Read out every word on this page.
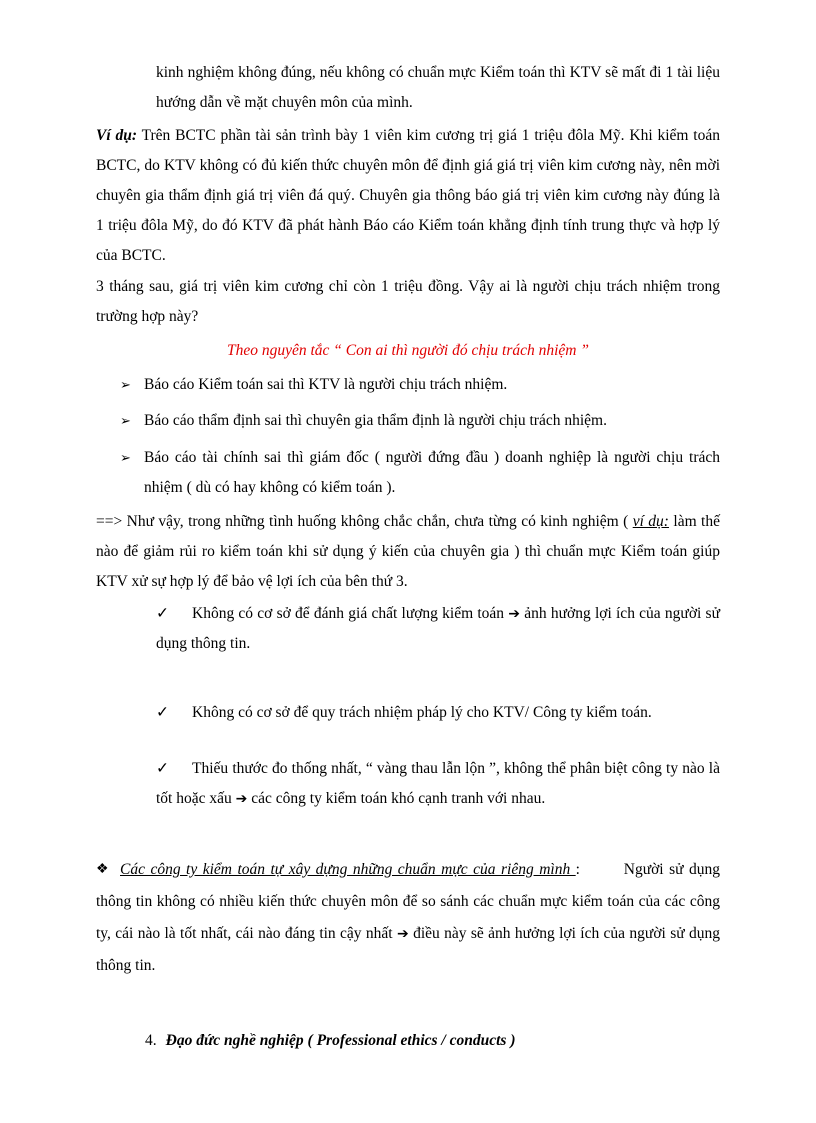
kinh nghiệm không đúng, nếu không có chuẩn mực Kiểm toán thì KTV sẽ mất đi 1 tài liệu hướng dẫn về mặt chuyên môn của mình.

Ví dụ: Trên BCTC phần tài sản trình bày 1 viên kim cương trị giá 1 triệu đôla Mỹ. Khi kiểm toán BCTC, do KTV không có đủ kiến thức chuyên môn để định giá giá trị viên kim cương này, nên mời chuyên gia thẩm định giá trị viên đá quý. Chuyên gia thông báo giá trị viên kim cương này đúng là 1 triệu đôla Mỹ, do đó KTV đã phát hành Báo cáo Kiểm toán khẳng định tính trung thực và hợp lý của BCTC.

3 tháng sau, giá trị viên kim cương chỉ còn 1 triệu đồng. Vậy ai là người chịu trách nhiệm trong trường hợp này?

Theo nguyên tắc “ Con ai thì người đó chịu trách nhiệm ”

➢ Báo cáo Kiểm toán sai thì KTV là người chịu trách nhiệm.
➢ Báo cáo thẩm định sai thì chuyên gia thẩm định là người chịu trách nhiệm.
➢ Báo cáo tài chính sai thì giám đốc ( người đứng đầu ) doanh nghiệp là người chịu trách nhiệm ( dù có hay không có kiểm toán ).

==> Như vậy, trong những tình huống không chắc chắn, chưa từng có kinh nghiệm ( ví dụ: làm thế nào để giảm rủi ro kiểm toán khi sử dụng ý kiến của chuyên gia ) thì chuẩn mực Kiểm toán giúp KTV xử sự hợp lý để bảo vệ lợi ích của bên thứ 3.

✓ Không có cơ sở để đánh giá chất lượng kiểm toán ➔ ảnh hưởng lợi ích của người sử dụng thông tin.
✓ Không có cơ sở để quy trách nhiệm pháp lý cho KTV/ Công ty kiểm toán.
✓ Thiếu thước đo thống nhất, “ vàng thau lẫn lộn ”, không thể phân biệt công ty nào là tốt hoặc xấu ➔ các công ty kiểm toán khó cạnh tranh với nhau.
❖ Các công ty kiểm toán tự xây dựng những chuẩn mực của riêng mình :        Người sử dụng thông tin không có nhiều kiến thức chuyên môn để so sánh các chuẩn mực kiểm toán của các công ty, cái nào là tốt nhất, cái nào đáng tin cậy nhất ➔ điều này sẽ ảnh hưởng lợi ích của người sử dụng thông tin.

4. Đạo đức nghề nghiệp ( Professional ethics / conducts )
